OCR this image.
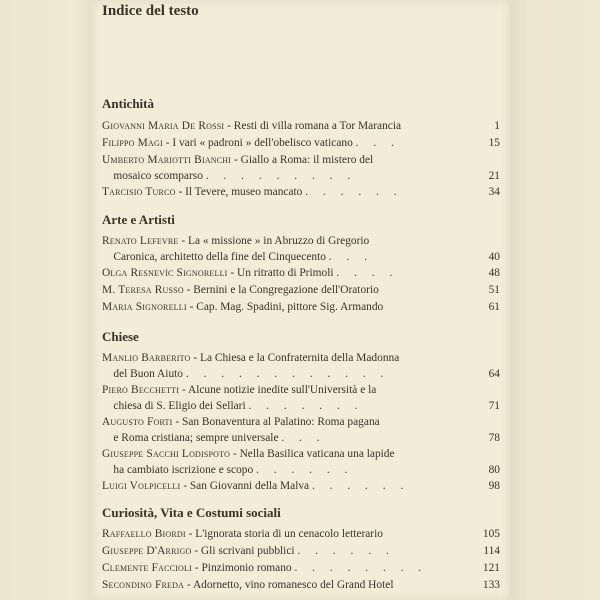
Indice del testo
Antichità
Giovanni Maria De Rossi - Resti di villa romana a Tor Marancia	1
Filippo Magi - I vari « padroni » dell'obelisco vaticano . . .	15
Umberto Mariotti Bianchi - Giallo a Roma: il mistero del
mosaico scomparso . . . . . . . . .	21
Tarcisio Turco - Il Tevere, museo mancato . . . . . .	34
Arte e Artisti
Renato Lefevre - La « missione » in Abruzzo di Gregorio
Caronica, architetto della fine del Cinquecento . . .	40
Olga Resnevíc Signorelli - Un ritratto di Primoli . . . .	48
M. Teresa Russo - Bernini e la Congregazione dell'Oratorio	51
Maria Signorelli - Cap. Mag. Spadini, pittore Sig. Armando	61
Chiese
Manlio Barberito - La Chiesa e la Confraternita della Madonna
del Buon Aiuto . . . . . . . . . . . .	64
Piero Becchetti - Alcune notizie inedite sull'Università e la
chiesa di S. Eligio dei Sellari . . . . . . .	71
Augusto Forti - San Bonaventura al Palatino: Roma pagana
e Roma cristiana; sempre universale . . .	78
Giuseppe Sacchi Lodispoto - Nella Basilica vaticana una lapide
ha cambiato iscrizione e scopo . . . . . .	80
Luigi Volpicelli - San Giovanni della Malva . . . . . .	98
Curiosità, Vita e Costumi sociali
Raffaello Biordi - L'ignorata storia di un cenacolo letterario	105
Giuseppe D'Arrigo - Gli scrivani pubblici . . . . . .	114
Clemente Faccioli - Pinzimonio romano . . . . . . . .	121
Secondino Freda - Adornetto, vino romanesco del Grand Hotel	133
